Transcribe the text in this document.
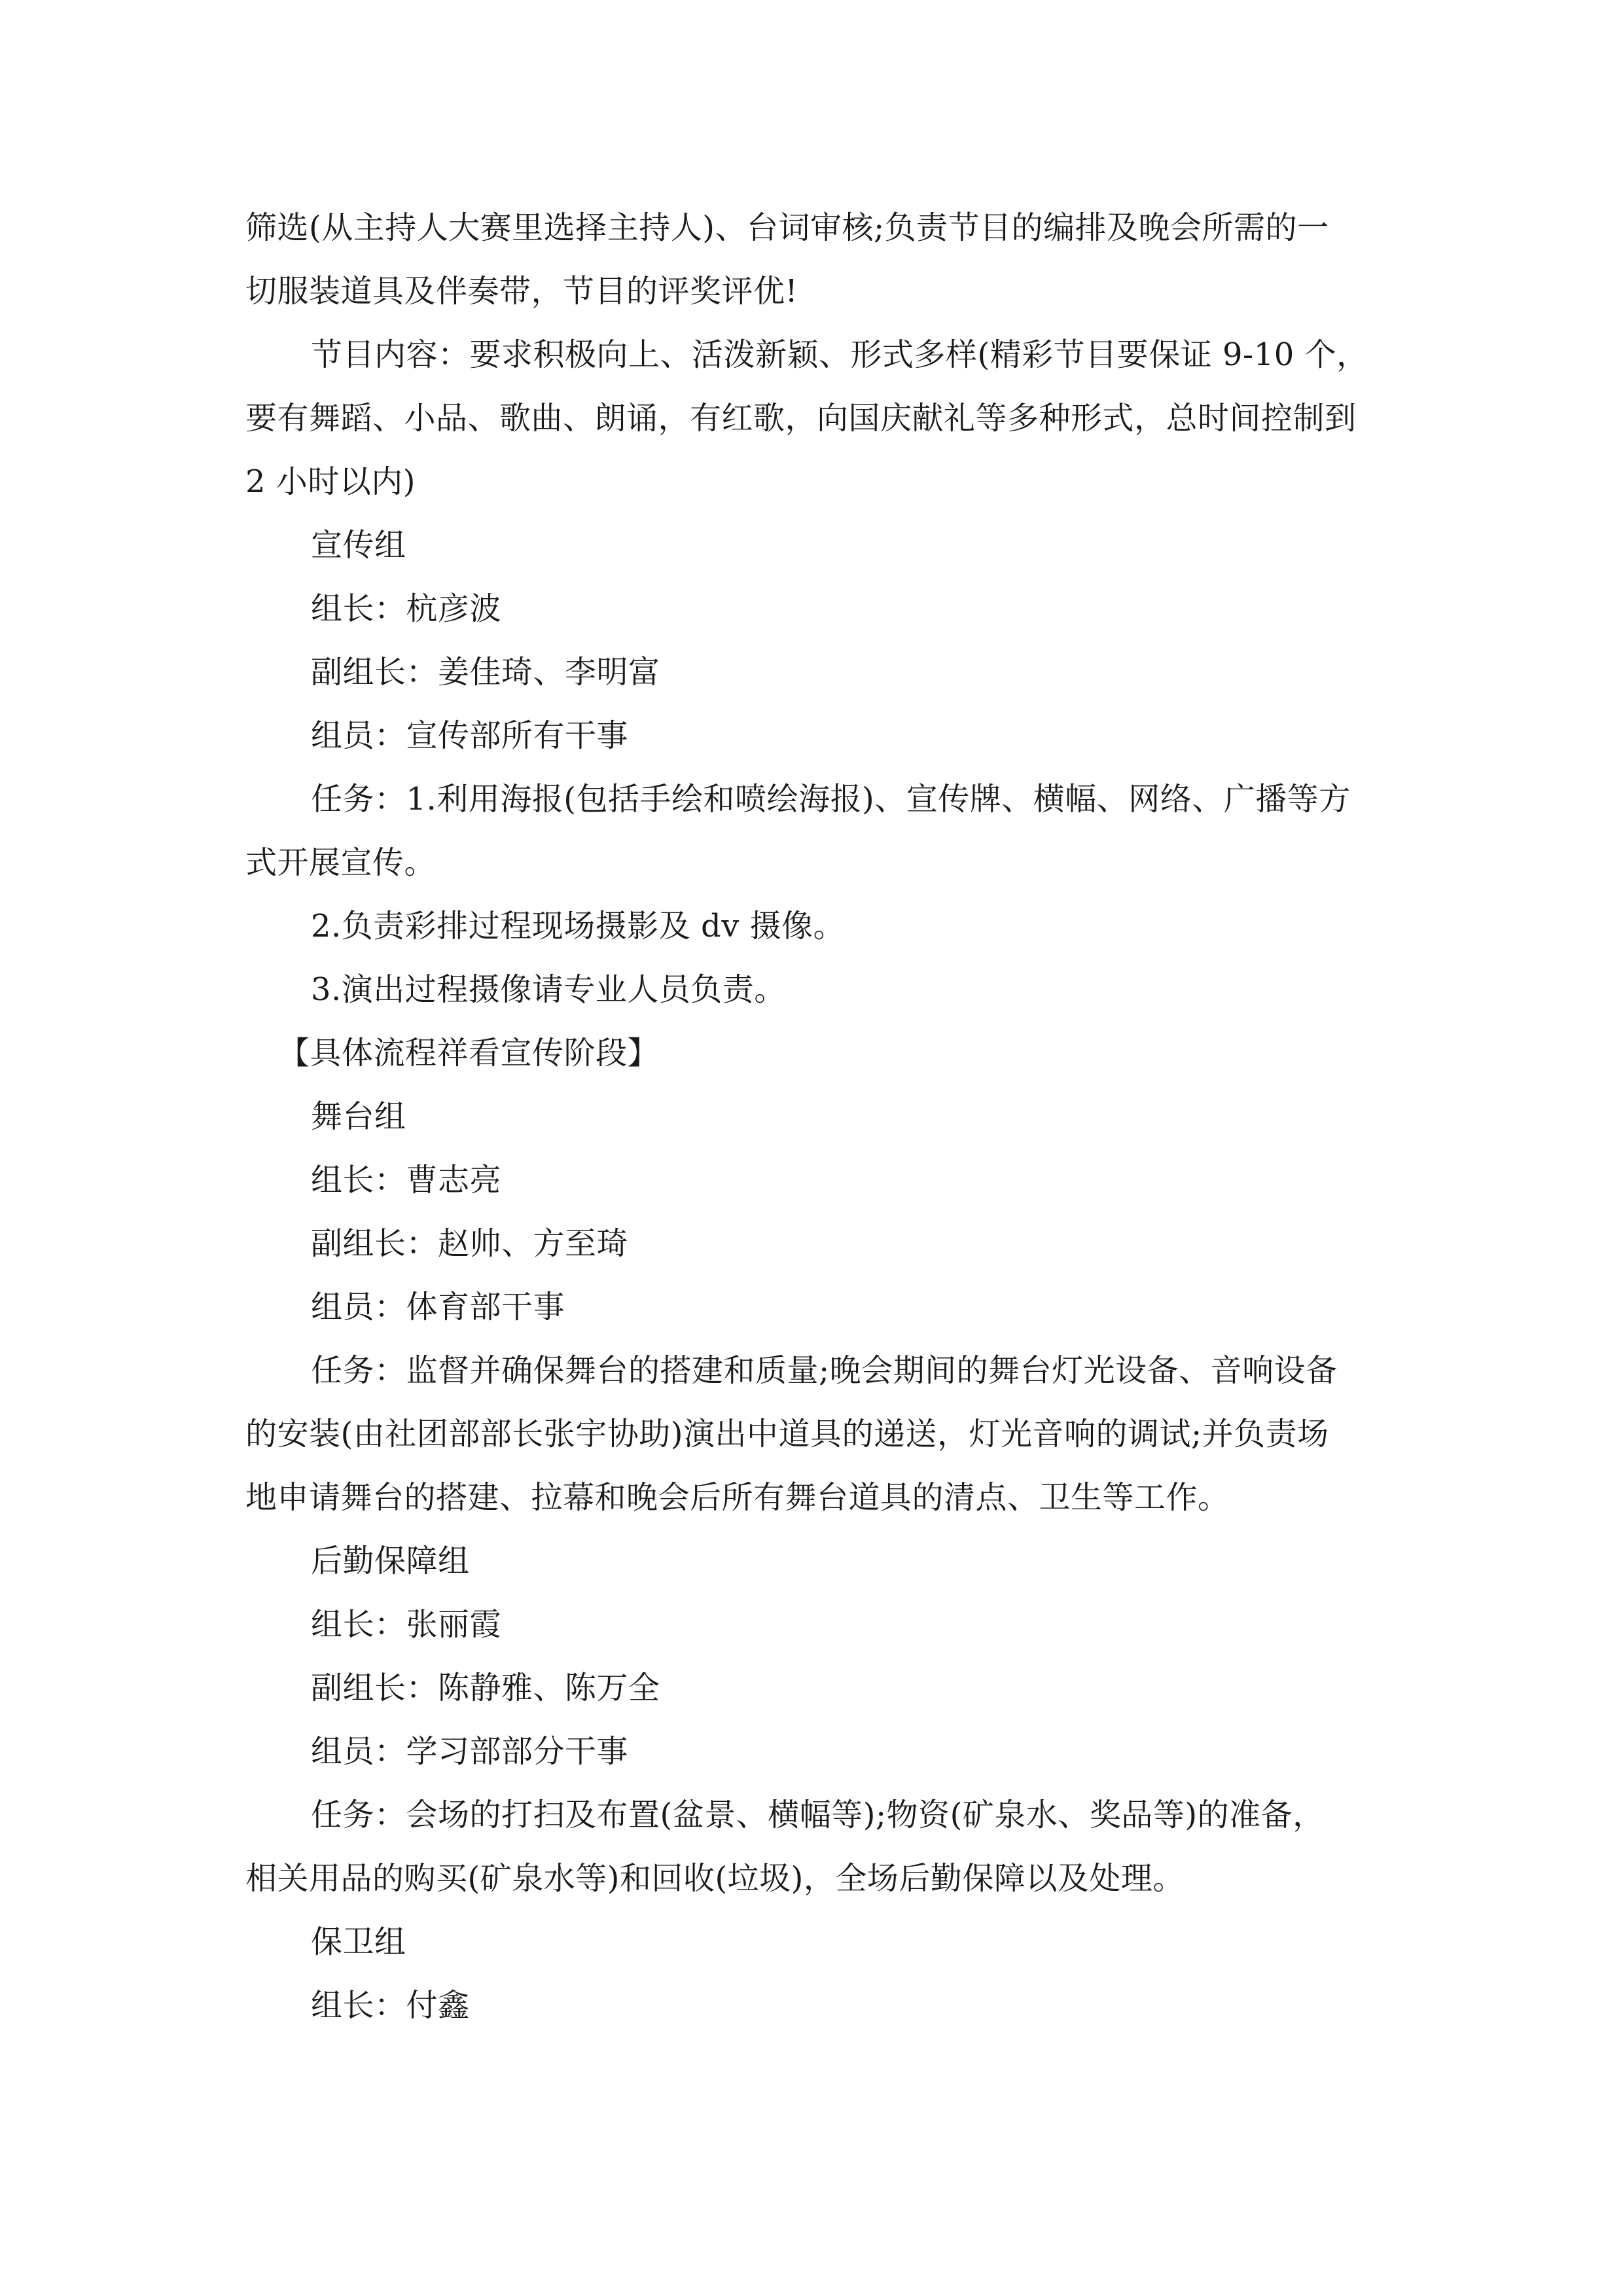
筛选(从主持人大赛里选择主持人)、台词审核;负责节目的编排及晚会所需的一
切服装道具及伴奏带，节目的评奖评优!
节目内容：要求积极向上、活泼新颖、形式多样(精彩节目要保证 9-10 个，
要有舞蹈、小品、歌曲、朗诵，有红歌，向国庆献礼等多种形式，总时间控制到
2 小时以内)
宣传组
组长：杭彦波
副组长：姜佳琦、李明富
组员：宣传部所有干事
任务：1.利用海报(包括手绘和喷绘海报)、宣传牌、横幅、网络、广播等方
式开展宣传。
2.负责彩排过程现场摄影及 dv 摄像。
3.演出过程摄像请专业人员负责。
【具体流程祥看宣传阶段】
舞台组
组长：曹志亮
副组长：赵帅、方至琦
组员：体育部干事
任务：监督并确保舞台的搭建和质量;晚会期间的舞台灯光设备、音响设备
的安装(由社团部部长张宇协助)演出中道具的递送，灯光音响的调试;并负责场
地申请舞台的搭建、拉幕和晚会后所有舞台道具的清点、卫生等工作。
后勤保障组
组长：张丽霞
副组长：陈静雅、陈万全
组员：学习部部分干事
任务：会场的打扫及布置(盆景、横幅等);物资(矿泉水、奖品等)的准备，
相关用品的购买(矿泉水等)和回收(垃圾)，全场后勤保障以及处理。
保卫组
组长：付鑫
